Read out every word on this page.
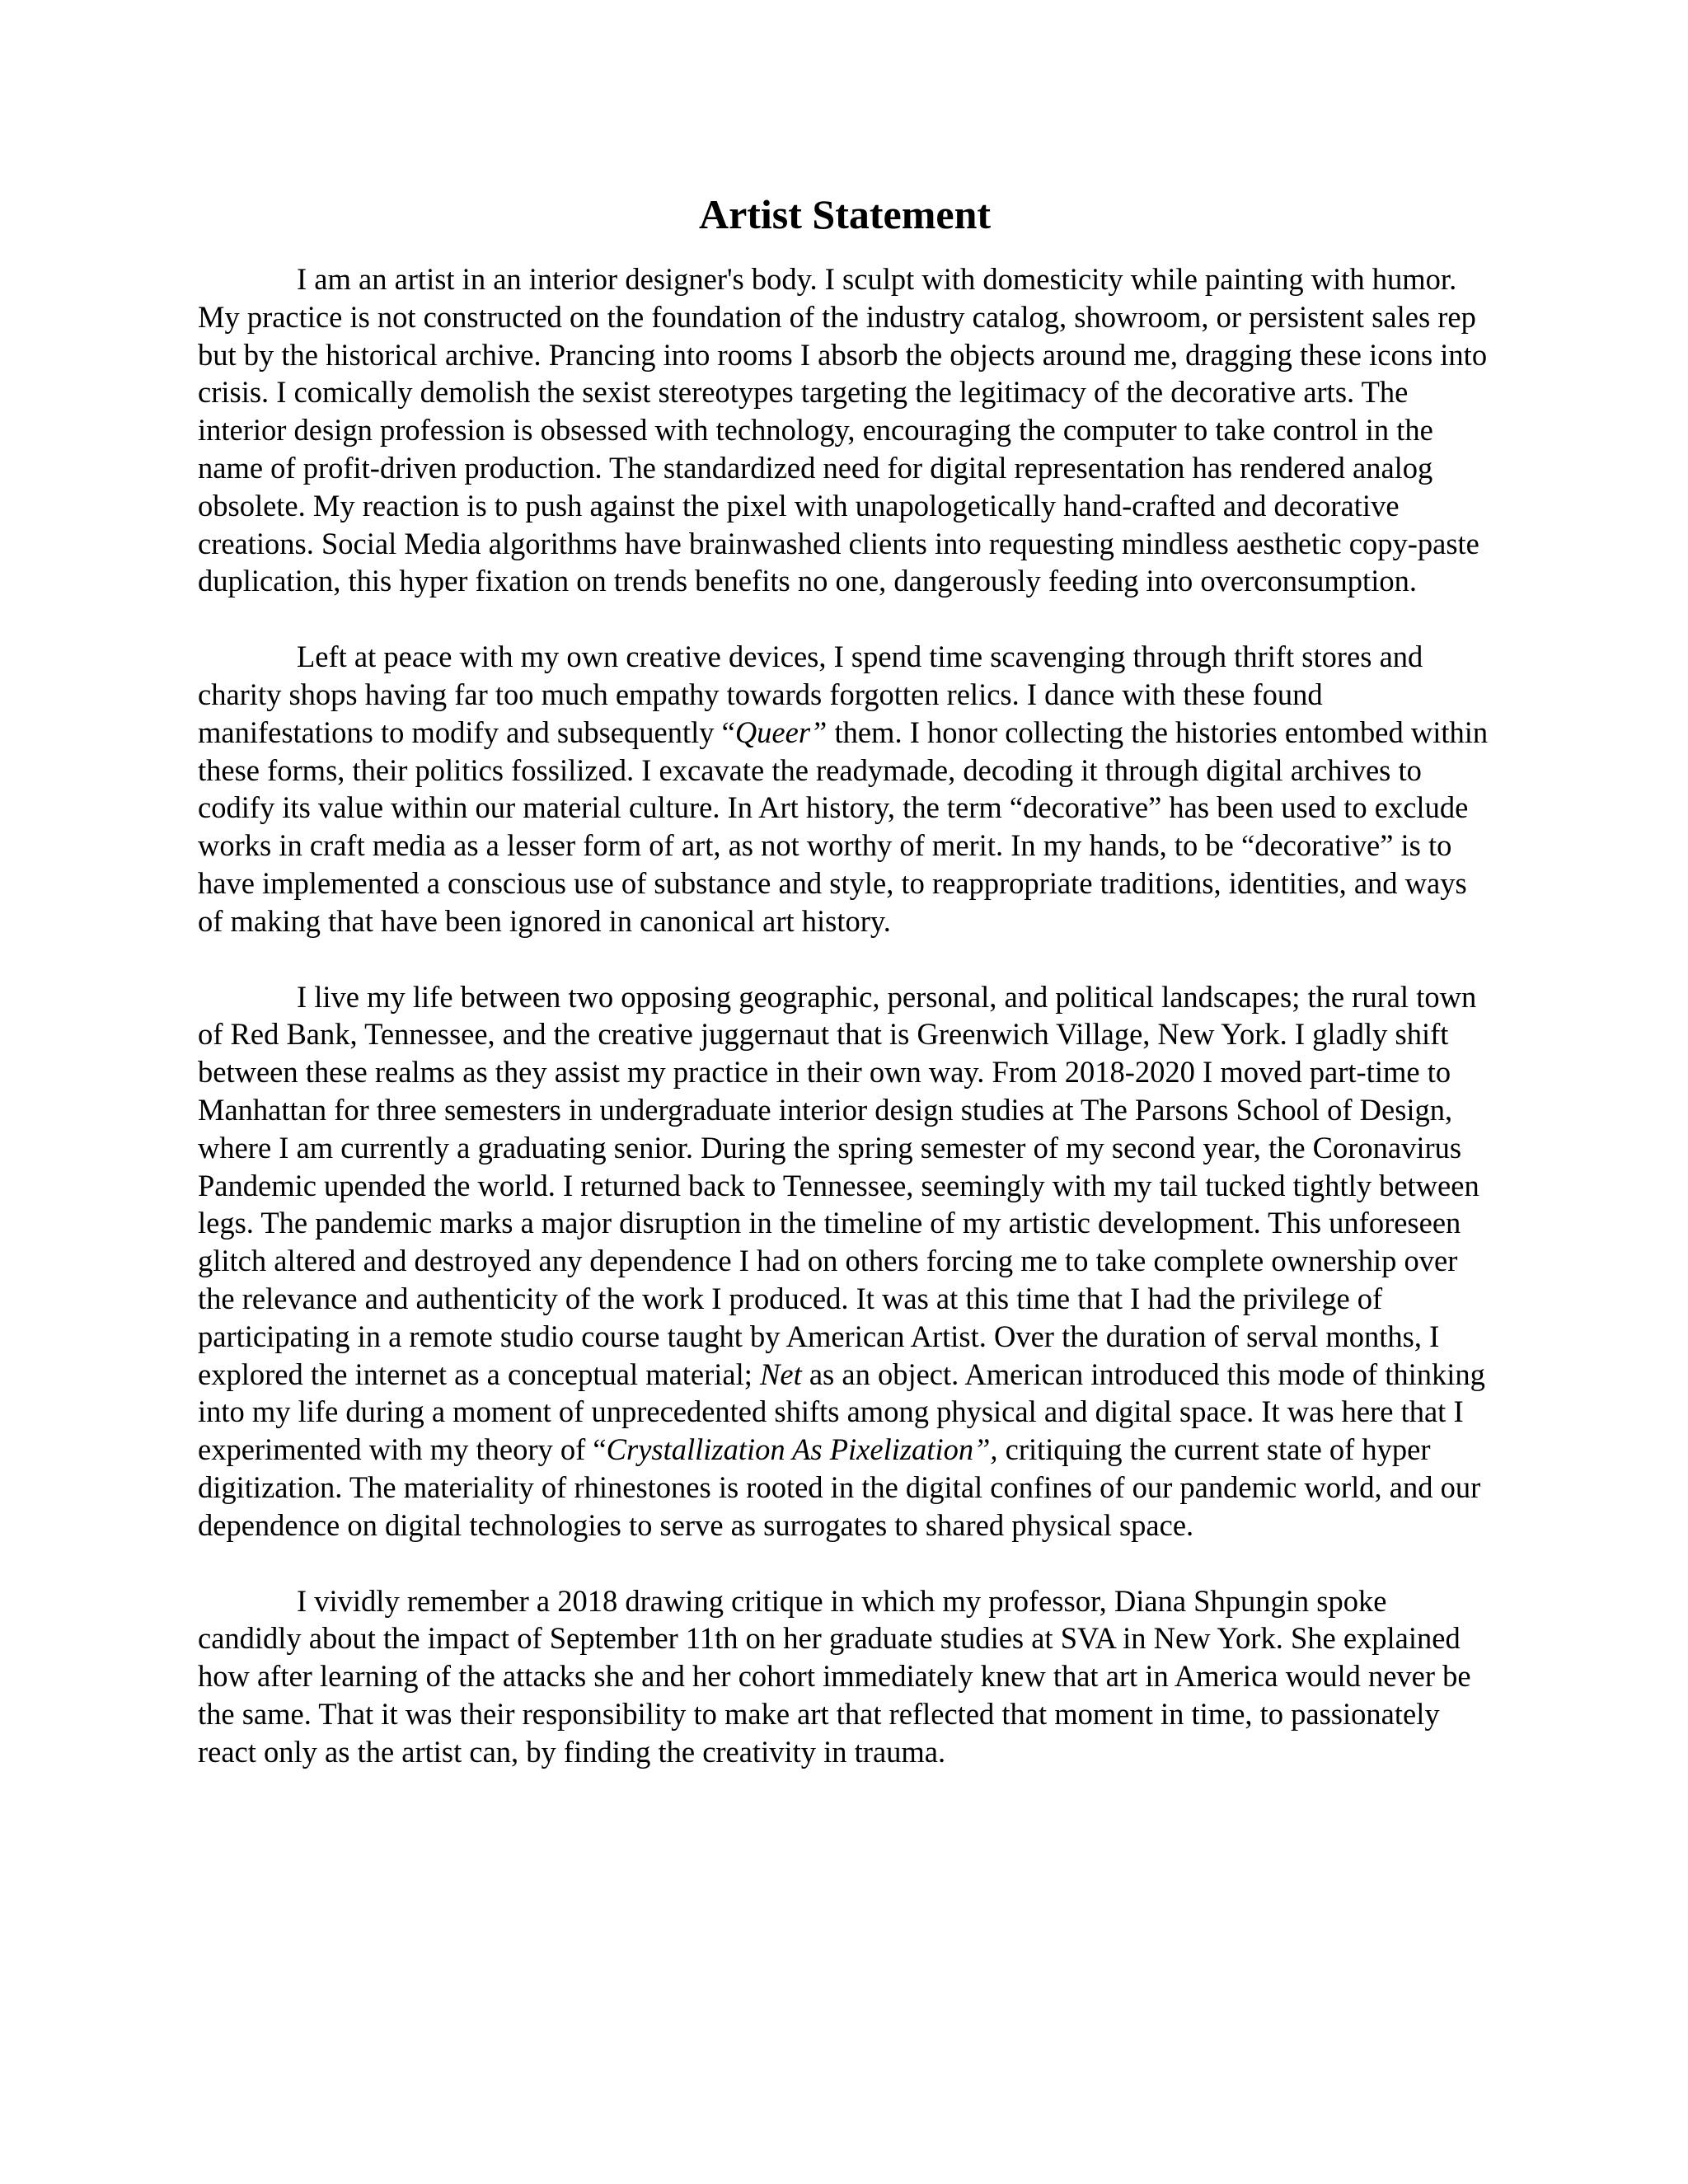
Artist Statement

I am an artist in an interior designer's body. I sculpt with domesticity while painting with humor. My practice is not constructed on the foundation of the industry catalog, showroom, or persistent sales rep but by the historical archive. Prancing into rooms I absorb the objects around me, dragging these icons into crisis. I comically demolish the sexist stereotypes targeting the legitimacy of the decorative arts. The interior design profession is obsessed with technology, encouraging the computer to take control in the name of profit-driven production. The standardized need for digital representation has rendered analog obsolete. My reaction is to push against the pixel with unapologetically hand-crafted and decorative creations. Social Media algorithms have brainwashed clients into requesting mindless aesthetic copy-paste duplication, this hyper fixation on trends benefits no one, dangerously feeding into overconsumption.

Left at peace with my own creative devices, I spend time scavenging through thrift stores and charity shops having far too much empathy towards forgotten relics. I dance with these found manifestations to modify and subsequently “Queer” them. I honor collecting the histories entombed within these forms, their politics fossilized. I excavate the readymade, decoding it through digital archives to codify its value within our material culture. In Art history, the term “decorative” has been used to exclude works in craft media as a lesser form of art, as not worthy of merit. In my hands, to be “decorative” is to have implemented a conscious use of substance and style, to reappropriate traditions, identities, and ways of making that have been ignored in canonical art history.

I live my life between two opposing geographic, personal, and political landscapes; the rural town of Red Bank, Tennessee, and the creative juggernaut that is Greenwich Village, New York. I gladly shift between these realms as they assist my practice in their own way. From 2018-2020 I moved part-time to Manhattan for three semesters in undergraduate interior design studies at The Parsons School of Design, where I am currently a graduating senior. During the spring semester of my second year, the Coronavirus Pandemic upended the world. I returned back to Tennessee, seemingly with my tail tucked tightly between legs. The pandemic marks a major disruption in the timeline of my artistic development. This unforeseen glitch altered and destroyed any dependence I had on others forcing me to take complete ownership over the relevance and authenticity of the work I produced. It was at this time that I had the privilege of participating in a remote studio course taught by American Artist. Over the duration of serval months, I explored the internet as a conceptual material; Net as an object. American introduced this mode of thinking into my life during a moment of unprecedented shifts among physical and digital space. It was here that I experimented with my theory of “Crystallization As Pixelization”, critiquing the current state of hyper digitization. The materiality of rhinestones is rooted in the digital confines of our pandemic world, and our dependence on digital technologies to serve as surrogates to shared physical space.

I vividly remember a 2018 drawing critique in which my professor, Diana Shpungin spoke candidly about the impact of September 11th on her graduate studies at SVA in New York. She explained how after learning of the attacks she and her cohort immediately knew that art in America would never be the same. That it was their responsibility to make art that reflected that moment in time, to passionately react only as the artist can, by finding the creativity in trauma.
